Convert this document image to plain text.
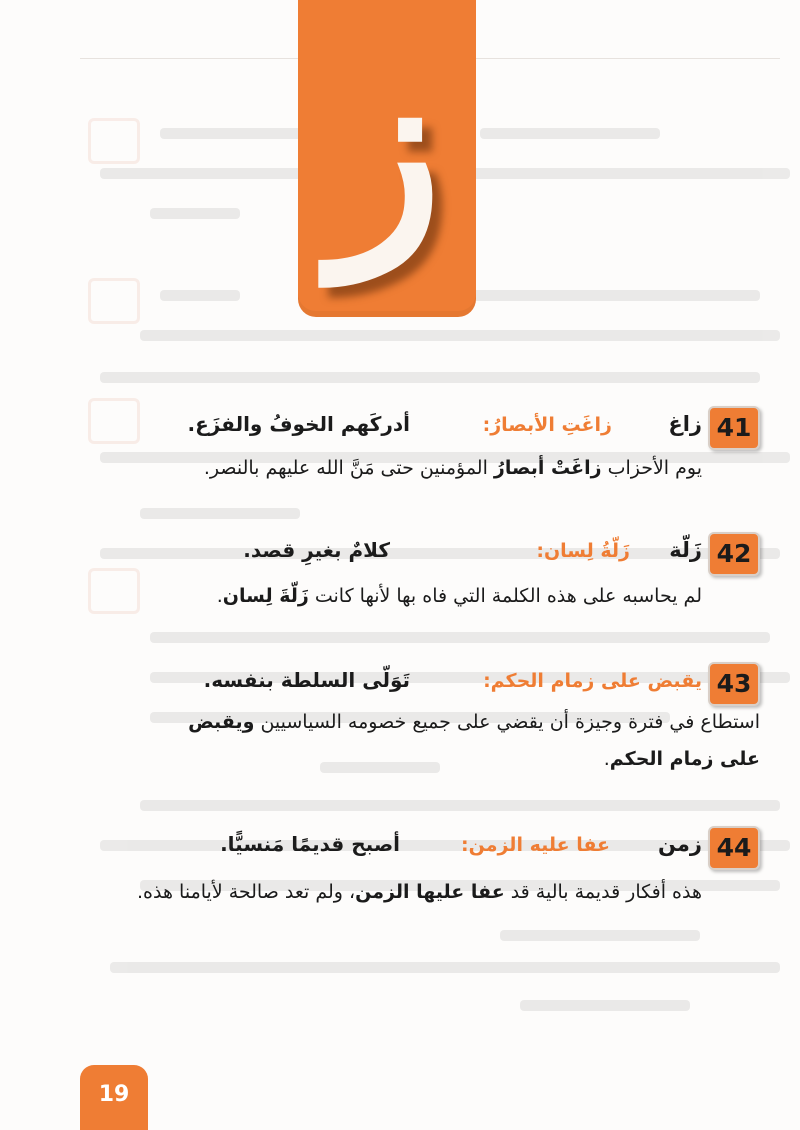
ز
41
زاغ
زاغَتِ الأبصارُ:
أدركَهم الخوفُ والفزَع.
يوم الأحزاب زاغَتْ أبصارُ المؤمنين حتى مَنَّ الله عليهم بالنصر.
42
زَلّة
زَلّةُ لِسان:
كلامٌ بغيرِ قصد.
لم يحاسبه على هذه الكلمة التي فاه بها لأنها كانت زَلّةَ لِسان.
43
يقبض على زمام الحكم:
تَوَلّى السلطة بنفسه.
استطاع في فترة وجيزة أن يقضي على جميع خصومه السياسيين ويقبض
على زمام الحكم.
44
زمن
عفا عليه الزمن:
أصبح قديمًا مَنسيًّا.
هذه أفكار قديمة بالية قد عفا عليها الزمن، ولم تعد صالحة لأيامنا هذه.
19
